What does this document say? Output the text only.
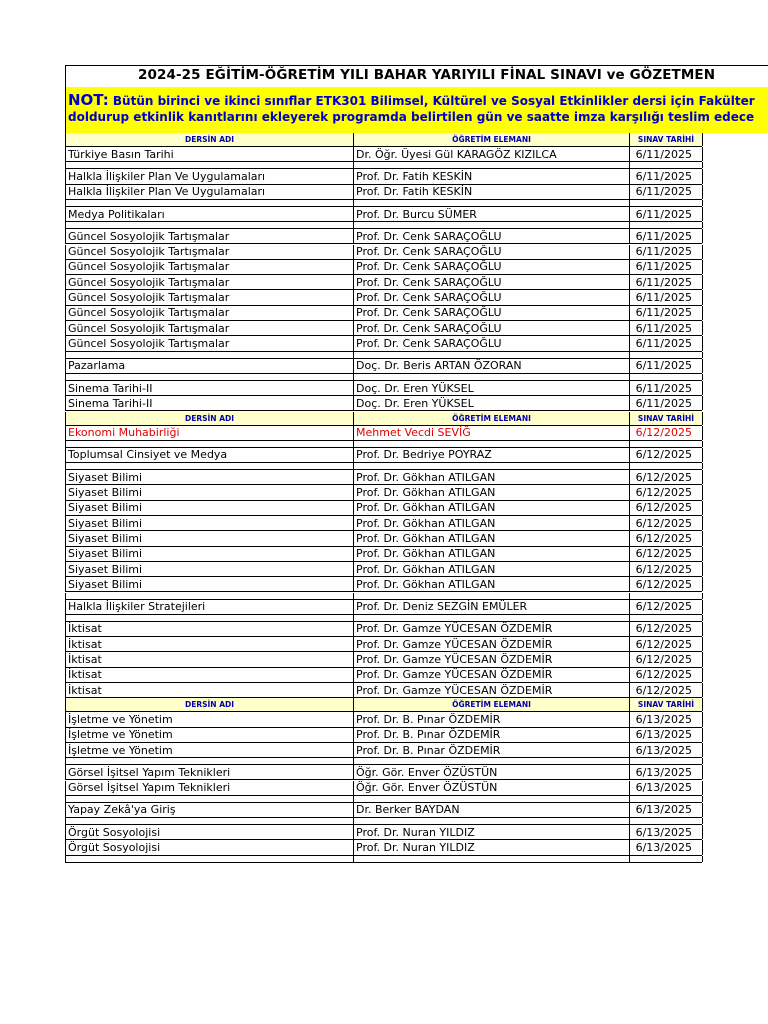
2024-25 EĞİTİM-ÖĞRETİM YILI BAHAR YARIYILI FİNAL SINAVI ve GÖZETMEN
NOT: Bütün birinci ve ikinci sınıflar ETK301 Bilimsel, Kültürel ve Sosyal Etkinlikler dersi için Fakülter
doldurup etkinlik kanıtlarını ekleyerek programda belirtilen gün ve saatte imza karşılığı teslim edece
DERSİN ADI	ÖĞRETİM ELEMANI	SINAV TARİHİ
Türkiye Basın Tarihi	Dr. Öğr. Üyesi Gül KARAGÖZ KIZILCA	6/11/2025
Halkla İlişkiler Plan Ve Uygulamaları	Prof. Dr. Fatih KESKİN	6/11/2025
Halkla İlişkiler Plan Ve Uygulamaları	Prof. Dr. Fatih KESKİN	6/11/2025
Medya Politikaları	Prof. Dr. Burcu SÜMER	6/11/2025
Güncel Sosyolojik Tartışmalar	Prof. Dr. Cenk SARAÇOĞLU	6/11/2025
Güncel Sosyolojik Tartışmalar	Prof. Dr. Cenk SARAÇOĞLU	6/11/2025
Güncel Sosyolojik Tartışmalar	Prof. Dr. Cenk SARAÇOĞLU	6/11/2025
Güncel Sosyolojik Tartışmalar	Prof. Dr. Cenk SARAÇOĞLU	6/11/2025
Güncel Sosyolojik Tartışmalar	Prof. Dr. Cenk SARAÇOĞLU	6/11/2025
Güncel Sosyolojik Tartışmalar	Prof. Dr. Cenk SARAÇOĞLU	6/11/2025
Güncel Sosyolojik Tartışmalar	Prof. Dr. Cenk SARAÇOĞLU	6/11/2025
Güncel Sosyolojik Tartışmalar	Prof. Dr. Cenk SARAÇOĞLU	6/11/2025
Pazarlama	Doç. Dr. Beris ARTAN ÖZORAN	6/11/2025
Sinema Tarihi-II	Doç. Dr. Eren YÜKSEL	6/11/2025
Sinema Tarihi-II	Doç. Dr. Eren YÜKSEL	6/11/2025
DERSİN ADI	ÖĞRETİM ELEMANI	SINAV TARİHİ
Ekonomi Muhabirliği	Mehmet Vecdi SEVİĞ	6/12/2025
Toplumsal Cinsiyet ve Medya	Prof. Dr. Bedriye POYRAZ	6/12/2025
Siyaset Bilimi	Prof. Dr. Gökhan ATILGAN	6/12/2025
Siyaset Bilimi	Prof. Dr. Gökhan ATILGAN	6/12/2025
Siyaset Bilimi	Prof. Dr. Gökhan ATILGAN	6/12/2025
Siyaset Bilimi	Prof. Dr. Gökhan ATILGAN	6/12/2025
Siyaset Bilimi	Prof. Dr. Gökhan ATILGAN	6/12/2025
Siyaset Bilimi	Prof. Dr. Gökhan ATILGAN	6/12/2025
Siyaset Bilimi	Prof. Dr. Gökhan ATILGAN	6/12/2025
Siyaset Bilimi	Prof. Dr. Gökhan ATILGAN	6/12/2025
Halkla İlişkiler Stratejileri	Prof. Dr. Deniz SEZGİN EMÜLER	6/12/2025
İktisat	Prof. Dr. Gamze YÜCESAN ÖZDEMİR	6/12/2025
İktisat	Prof. Dr. Gamze YÜCESAN ÖZDEMİR	6/12/2025
İktisat	Prof. Dr. Gamze YÜCESAN ÖZDEMİR	6/12/2025
İktisat	Prof. Dr. Gamze YÜCESAN ÖZDEMİR	6/12/2025
İktisat	Prof. Dr. Gamze YÜCESAN ÖZDEMİR	6/12/2025
DERSİN ADI	ÖĞRETİM ELEMANI	SINAV TARİHİ
İşletme ve Yönetim	Prof. Dr. B. Pınar ÖZDEMİR	6/13/2025
İşletme ve Yönetim	Prof. Dr. B. Pınar ÖZDEMİR	6/13/2025
İşletme ve Yönetim	Prof. Dr. B. Pınar ÖZDEMİR	6/13/2025
Görsel İşitsel Yapım Teknikleri	Öğr. Gör. Enver ÖZÜSTÜN	6/13/2025
Görsel İşitsel Yapım Teknikleri	Öğr. Gör. Enver ÖZÜSTÜN	6/13/2025
Yapay Zekâ'ya Giriş	Dr. Berker BAYDAN	6/13/2025
Örgüt Sosyolojisi	Prof. Dr. Nuran YILDIZ	6/13/2025
Örgüt Sosyolojisi	Prof. Dr. Nuran YILDIZ	6/13/2025
